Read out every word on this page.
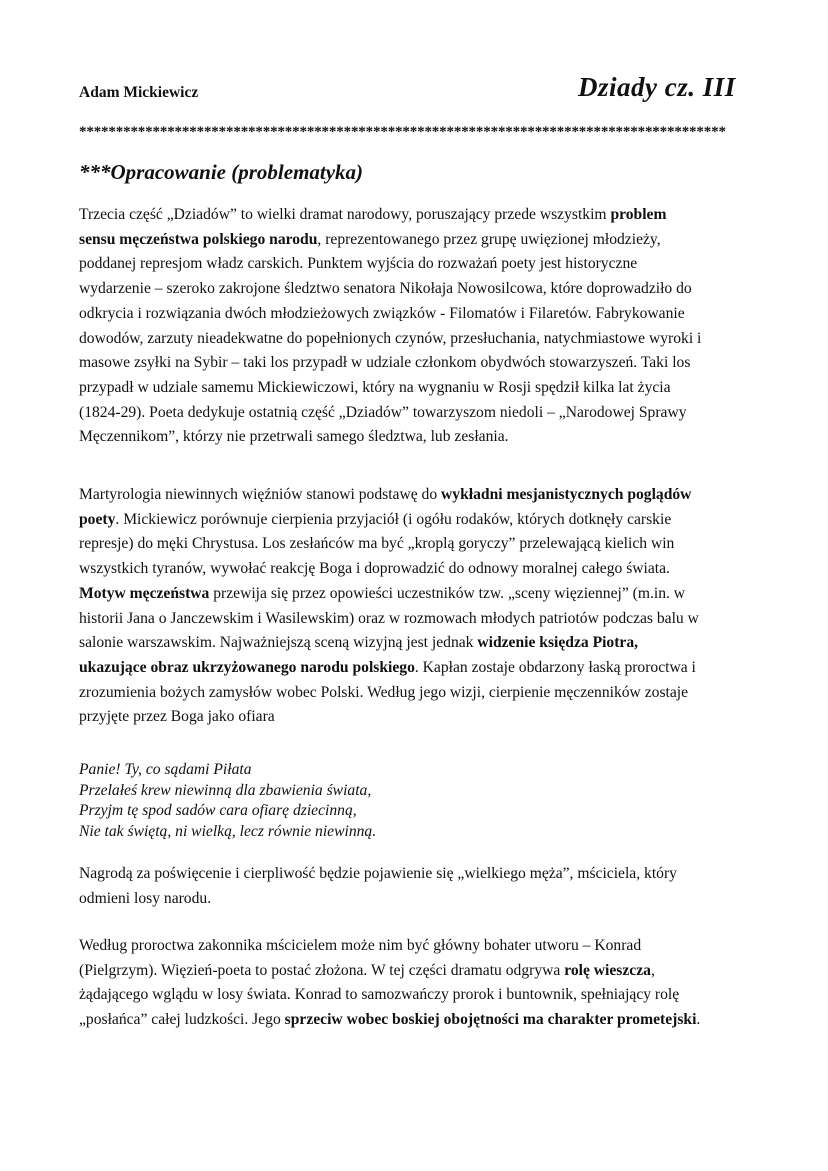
Adam Mickiewicz	Dziady cz. III
****************************************************************************************
***Opracowanie (problematyka)
Trzecia część „Dziadów” to wielki dramat narodowy, poruszający przede wszystkim problem
sensu męczeństwa polskiego narodu, reprezentowanego przez grupę uwięzionej młodzieży,
poddanej represjom władz carskich. Punktem wyjścia do rozważań poety jest historyczne
wydarzenie – szeroko zakrojone śledztwo senatora Nikołaja Nowosilcowa, które doprowadziło do
odkrycia i rozwiązania dwóch młodzieżowych związków - Filomatów i Filaretów. Fabrykowanie
dowodów, zarzuty nieadekwatne do popełnionych czynów, przesłuchania, natychmiastowe wyroki i
masowe zsyłki na Sybir – taki los przypadł w udziale członkom obydwóch stowarzyszeń. Taki los
przypadł w udziale samemu Mickiewiczowi, który na wygnaniu w Rosji spędził kilka lat życia
(1824-29). Poeta dedykuje ostatnią część „Dziadów” towarzyszom niedoli – „Narodowej Sprawy
Męczennikom”, którzy nie przetrwali samego śledztwa, lub zesłania.
Martyrologia niewinnych więźniów stanowi podstawę do wykładni mesjanistycznych poglądów
poety. Mickiewicz porównuje cierpienia przyjaciół (i ogółu rodaków, których dotknęły carskie
represje) do męki Chrystusa. Los zesłańców ma być „kroplą goryczy” przelewającą kielich win
wszystkich tyranów, wywołać reakcję Boga i doprowadzić do odnowy moralnej całego świata.
Motyw męczeństwa przewija się przez opowieści uczestników tzw. „sceny więziennej” (m.in. w
historii Jana o Janczewskim i Wasilewskim) oraz w rozmowach młodych patriotów podczas balu w
salonie warszawskim. Najważniejszą sceną wizyjną jest jednak widzenie księdza Piotra,
ukazujące obraz ukrzyżowanego narodu polskiego. Kapłan zostaje obdarzony łaską proroctwa i
zrozumienia bożych zamysłów wobec Polski. Według jego wizji, cierpienie męczenników zostaje
przyjęte przez Boga jako ofiara
Panie! Ty, co sądami Piłata
Przelałeś krew niewinną dla zbawienia świata,
Przyjm tę spod sadów cara ofiarę dziecinną,
Nie tak świętą, ni wielką, lecz równie niewinną.
Nagrodą za poświęcenie i cierpliwość będzie pojawienie się „wielkiego męża”, mściciela, który
odmieni losy narodu.
Według proroctwa zakonnika mścicielem może nim być główny bohater utworu – Konrad
(Pielgrzym). Więzień-poeta to postać złożona. W tej części dramatu odgrywa rolę wieszcza,
żądającego wglądu w losy świata. Konrad to samozwańczy prorok i buntownik, spełniający rolę
„posłańca” całej ludzkości. Jego sprzeciw wobec boskiej obojętności ma charakter prometejski.
